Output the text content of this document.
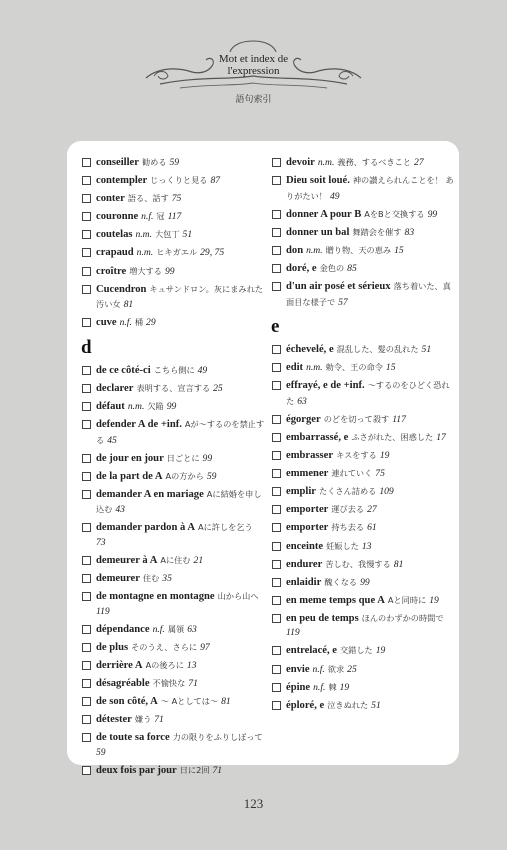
Mot et index de
l'expression
語句索引
conseiller 勧める 59
contempler じっくりと見る 87
conter 語る、話す 75
couronne n.f. 冠 117
coutelas n.m. 大包丁 51
crapaud n.m. ヒキガエル 29, 75
croître 増大する 99
Cucendron キュサンドロン。灰にまみれた汚い女 81
cuve n.f. 桶 29
d
de ce côté-ci こちら側に 49
declarer 表明する、宣言する 25
défaut n.m. 欠陥 99
defender A de +inf. Aが〜するのを禁止する 45
de jour en jour 日ごとに 99
de la part de A Aの方から 59
demander A en mariage Aに結婚を申し込む 43
demander pardon à A Aに許しを乞う 73
demeurer à A Aに住む 21
demeurer 住む 35
de montagne en montagne 山から山へ 119
dépendance n.f. 属領 63
de plus そのうえ、さらに 97
derrière A Aの後ろに 13
désagréable 不愉快な 71
de son côté, A 〜 Aとしては〜 81
détester 嫌う 71
de toute sa force 力の限りをふりしぼって 59
deux fois par jour 日に2回 71
devoir n.m. 義務、するべきこと 27
Dieu soit loué. 神の讃えられんことを！ ありがたい！ 49
donner A pour B AをBと交換する 99
donner un bal 舞踏会を催す 83
don n.m. 贈り物、天の恵み 15
doré, e 金色の 85
d'un air posé et sérieux 落ち着いた、真面目な様子で 57
e
échevelé, e 混乱した、髪の乱れた 51
edit n.m. 勅令、王の命令 15
effrayé, e de +inf. 〜するのをひどく恐れた 63
égorger のどを切って殺す 117
embarrassé, e ふさがれた、困惑した 17
embrasser キスをする 19
emmener 連れていく 75
emplir たくさん詰める 109
emporter 運び去る 27
emporter 持ち去る 61
enceinte 妊娠した 13
endurer 苦しむ、我慢する 81
enlaidir 醜くなる 99
en meme temps que A Aと同時に 19
en peu de temps ほんのわずかの時間で 119
entrelacé, e 交錯した 19
envie n.f. 欲求 25
épine n.f. 棘 19
éploré, e 泣きぬれた 51
123
